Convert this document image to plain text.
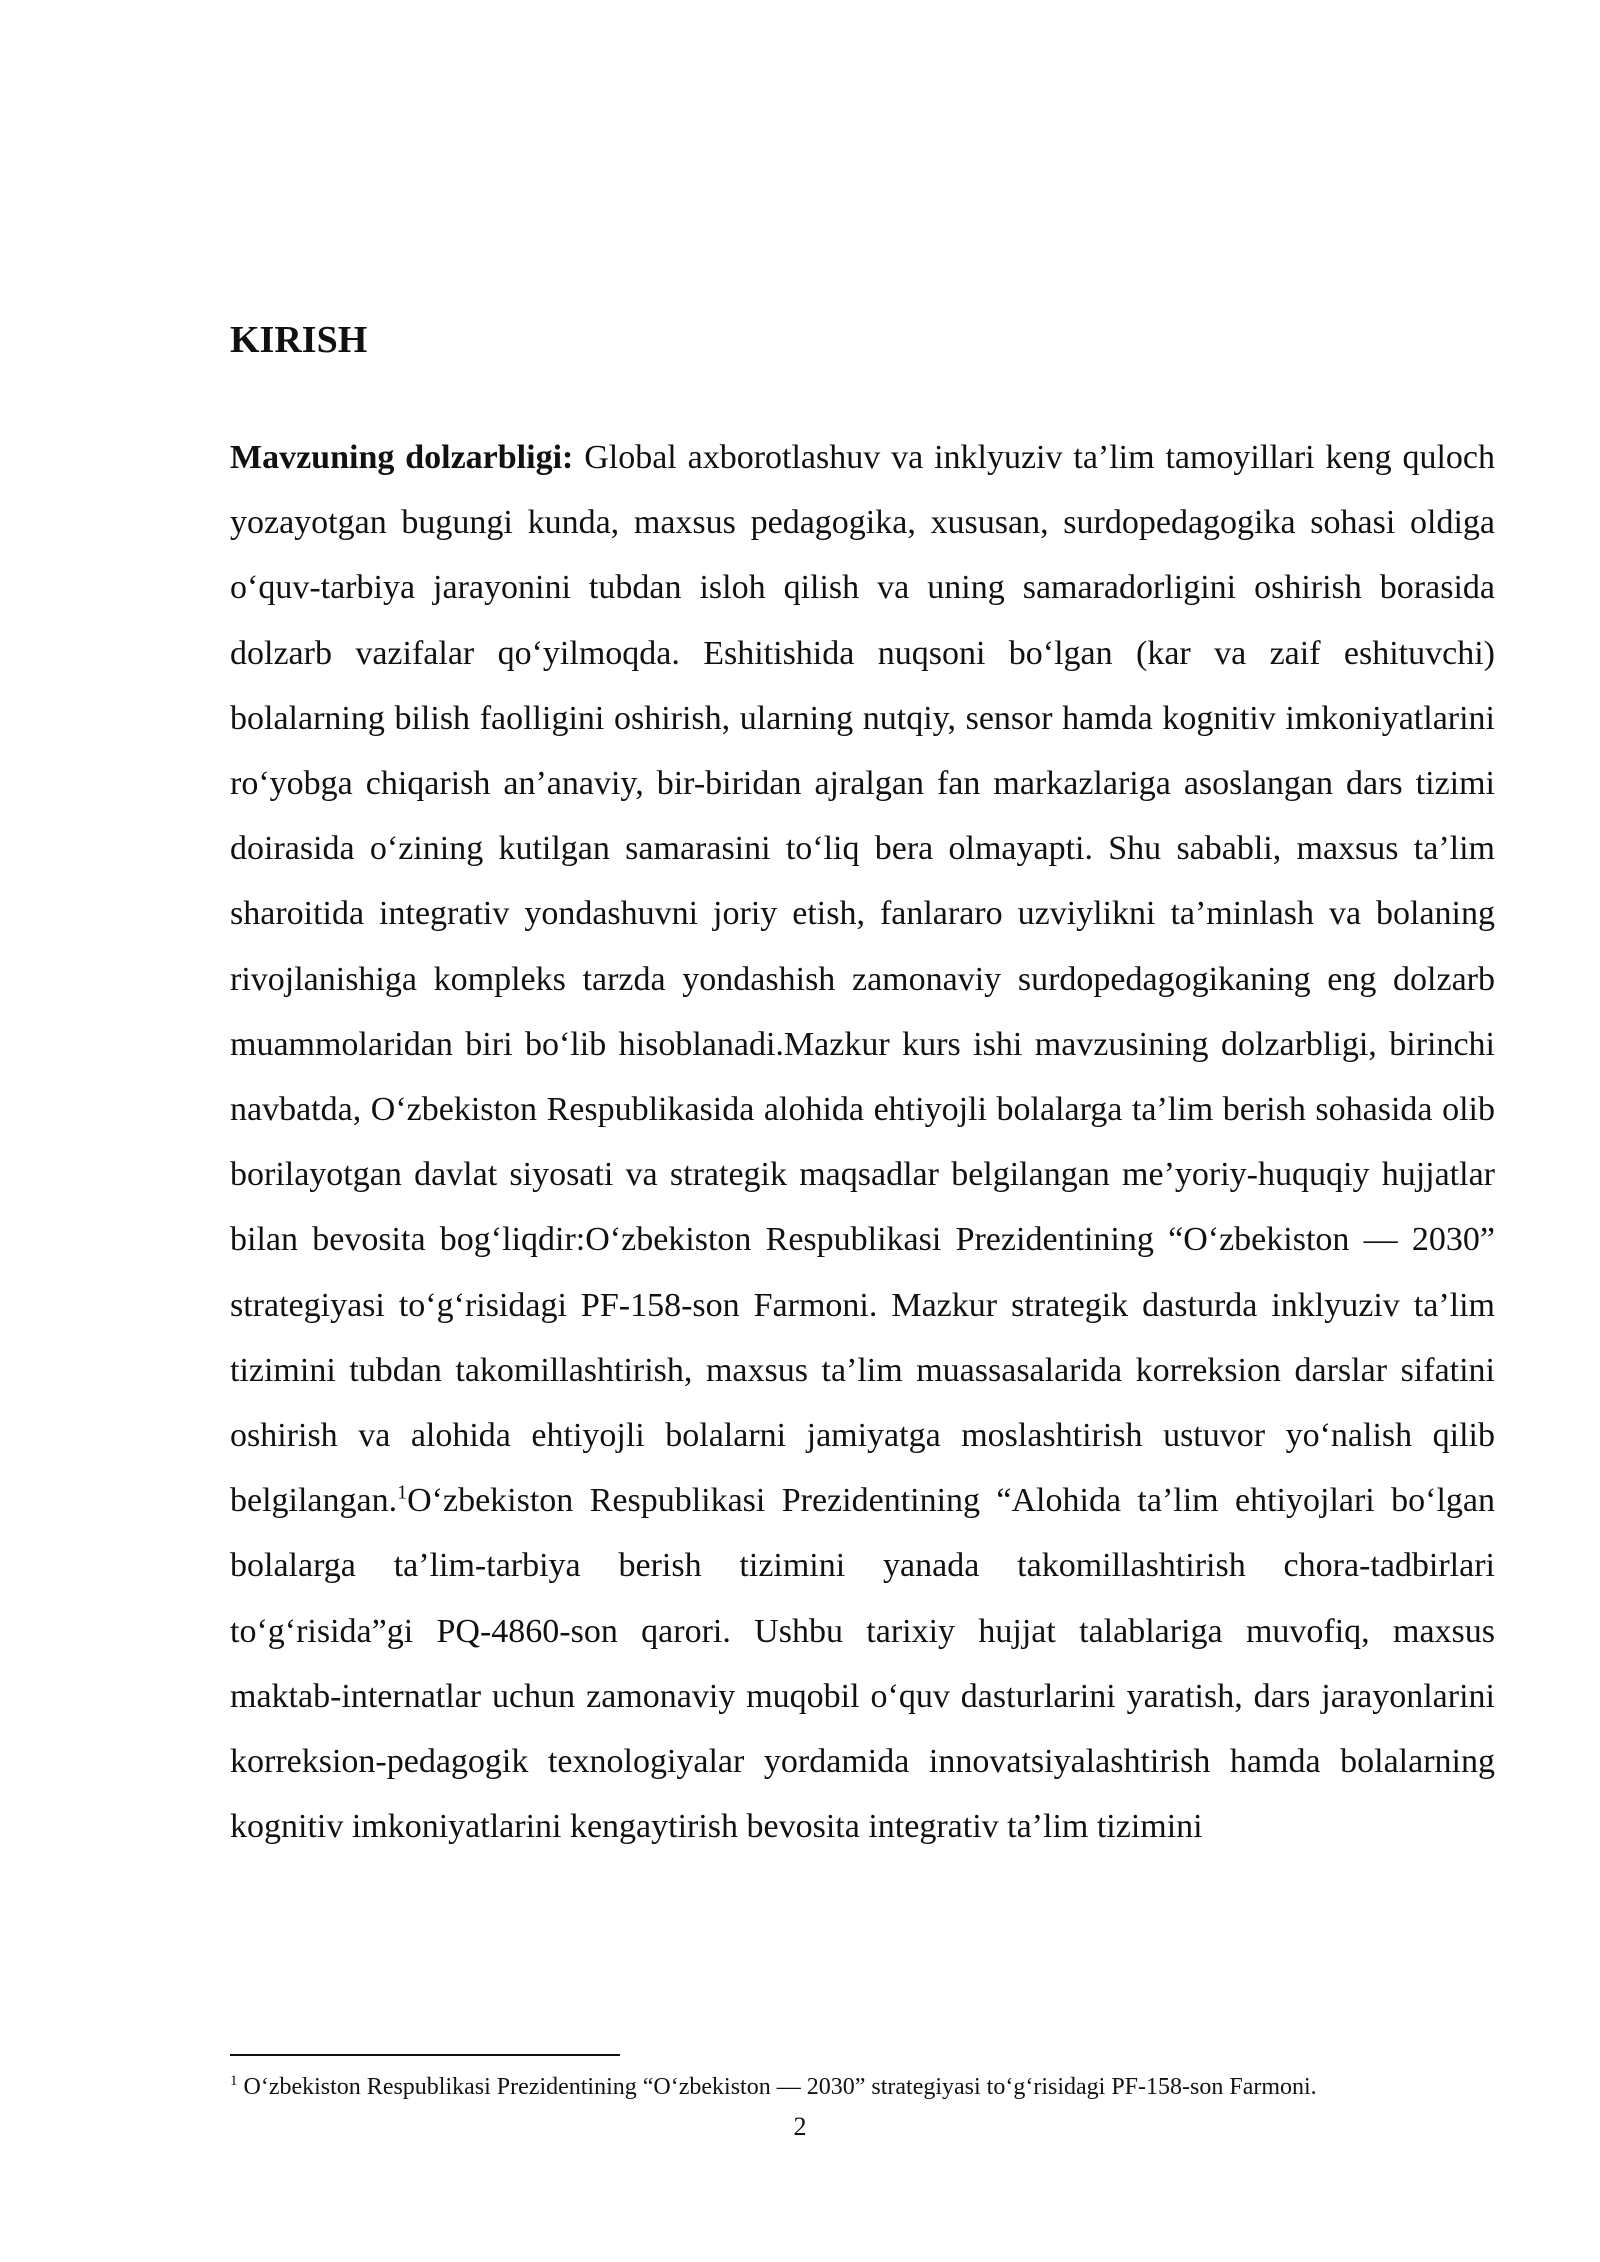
KIRISH

Mavzuning dolzarbligi: Global axborotlashuv va inklyuziv ta’lim tamoyillari keng quloch yozayotgan bugungi kunda, maxsus pedagogika, xususan, surdopedagogika sohasi oldiga o‘quv-tarbiya jarayonini tubdan isloh qilish va uning samaradorligini oshirish borasida dolzarb vazifalar qo‘yilmoqda. Eshitishida nuqsoni bo‘lgan (kar va zaif eshituvchi) bolalarning bilish faolligini oshirish, ularning nutqiy, sensor hamda kognitiv imkoniyatlarini ro‘yobga chiqarish an’anaviy, bir-biridan ajralgan fan markazlariga asoslangan dars tizimi doirasida o‘zining kutilgan samarasini to‘liq bera olmayapti. Shu sababli, maxsus ta’lim sharoitida integrativ yondashuvni joriy etish, fanlararo uzviylikni ta’minlash va bolaning rivojlanishiga kompleks tarzda yondashish zamonaviy surdopedagogikaning eng dolzarb muammolaridan biri bo‘lib hisoblanadi.Mazkur kurs ishi mavzusining dolzarbligi, birinchi navbatda, O‘zbekiston Respublikasida alohida ehtiyojli bolalarga ta’lim berish sohasida olib borilayotgan davlat siyosati va strategik maqsadlar belgilangan me’yoriy-huquqiy hujjatlar bilan bevosita bog‘liqdir:O‘zbekiston Respublikasi Prezidentining “O‘zbekiston — 2030” strategiyasi to‘g‘risidagi PF-158-son Farmoni. Mazkur strategik dasturda inklyuziv ta’lim tizimini tubdan takomillashtirish, maxsus ta’lim muassasalarida korreksion darslar sifatini oshirish va alohida ehtiyojli bolalarni jamiyatga moslashtirish ustuvor yo‘nalish qilib belgilangan.$^1$O‘zbekiston Respublikasi Prezidentining “Alohida ta’lim ehtiyojlari bo‘lgan bolalarga ta’lim-tarbiya berish tizimini yanada takomillashtirish chora-tadbirlari to‘g‘risida”gi PQ-4860-son qarori. Ushbu tarixiy hujjat talablariga muvofiq, maxsus maktab-internatlar uchun zamonaviy muqobil o‘quv dasturlarini yaratish, dars jarayonlarini korreksion-pedagogik texnologiyalar yordamida innovatsiyalashtirish hamda bolalarning kognitiv imkoniyatlarini kengaytirish bevosita integrativ ta’lim tizimini

$^1$ O‘zbekiston Respublikasi Prezidentining “O‘zbekiston — 2030” strategiyasi to‘g‘risidagi PF-158-son Farmoni.

2
